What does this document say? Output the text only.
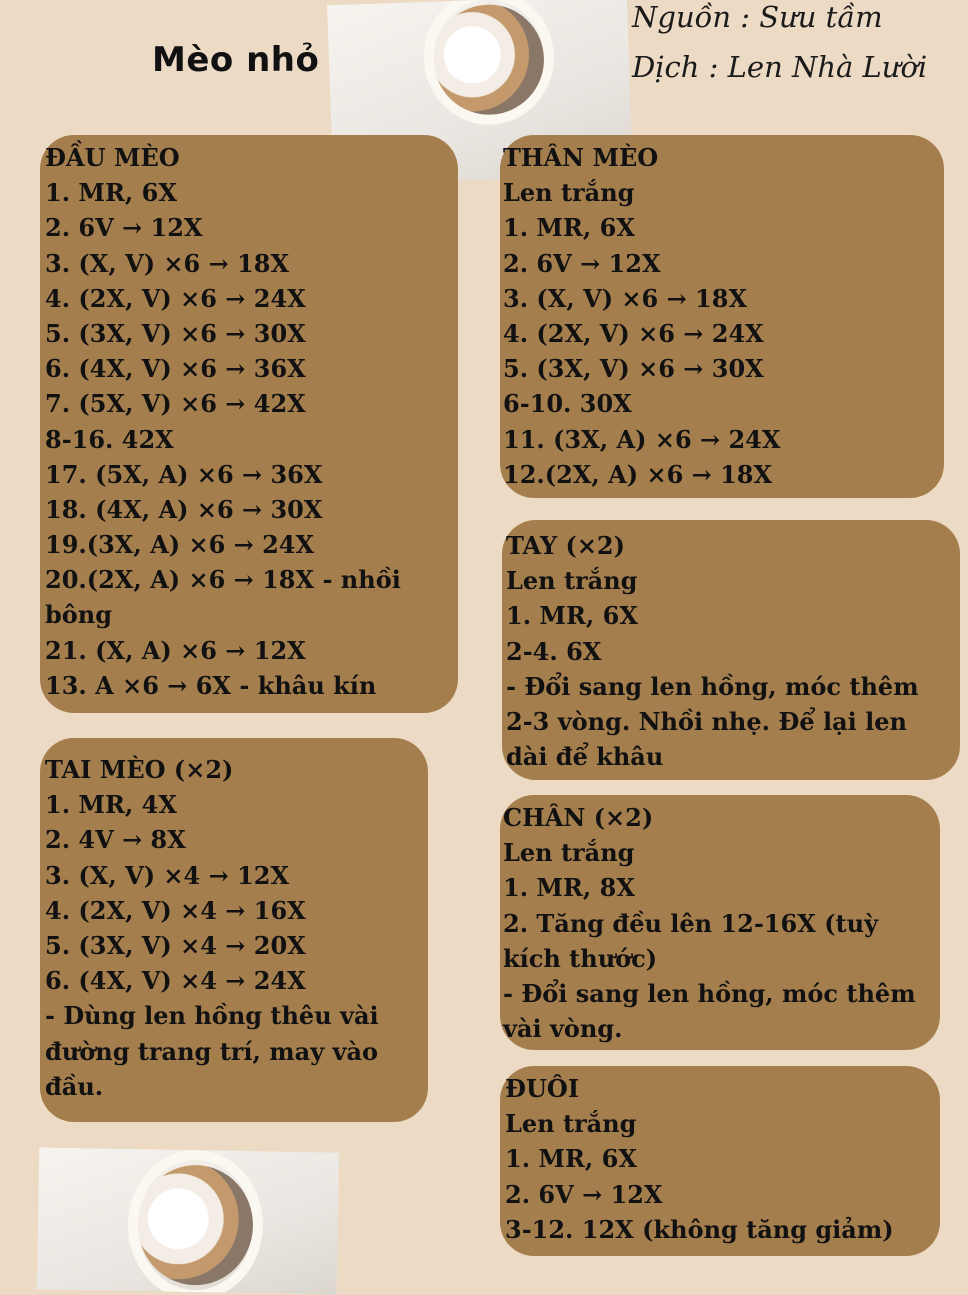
Mèo nhỏ
Nguồn : Sưu tầm
Dịch : Len Nhà Lười
ĐẦU MÈO
1. MR, 6X
2. 6V → 12X
3. (X, V) ×6 → 18X
4. (2X, V) ×6 → 24X
5. (3X, V) ×6 → 30X
6. (4X, V) ×6 → 36X
7. (5X, V) ×6 → 42X
8-16. 42X
17. (5X, A) ×6 → 36X
18. (4X, A) ×6 → 30X
19.(3X, A) ×6 → 24X
20.(2X, A) ×6 → 18X - nhồi
bông
21. (X, A) ×6 → 12X
13. A ×6 → 6X - khâu kín
TAI MÈO (×2)
1. MR, 4X
2. 4V → 8X
3. (X, V) ×4 → 12X
4. (2X, V) ×4 → 16X
5. (3X, V) ×4 → 20X
6. (4X, V) ×4 → 24X
- Dùng len hồng thêu vài
đường trang trí, may vào
đầu.
THÂN MÈO
Len trắng
1. MR, 6X
2. 6V → 12X
3. (X, V) ×6 → 18X
4. (2X, V) ×6 → 24X
5. (3X, V) ×6 → 30X
6-10. 30X
11. (3X, A) ×6 → 24X
12.(2X, A) ×6 → 18X
TAY (×2)
Len trắng
1. MR, 6X
2-4. 6X
- Đổi sang len hồng, móc thêm
2-3 vòng. Nhồi nhẹ. Để lại len
dài để khâu
CHÂN (×2)
Len trắng
1. MR, 8X
2. Tăng đều lên 12-16X (tuỳ
kích thước)
- Đổi sang len hồng, móc thêm
vài vòng.
ĐUÔI
Len trắng
1. MR, 6X
2. 6V → 12X
3-12. 12X (không tăng giảm)
